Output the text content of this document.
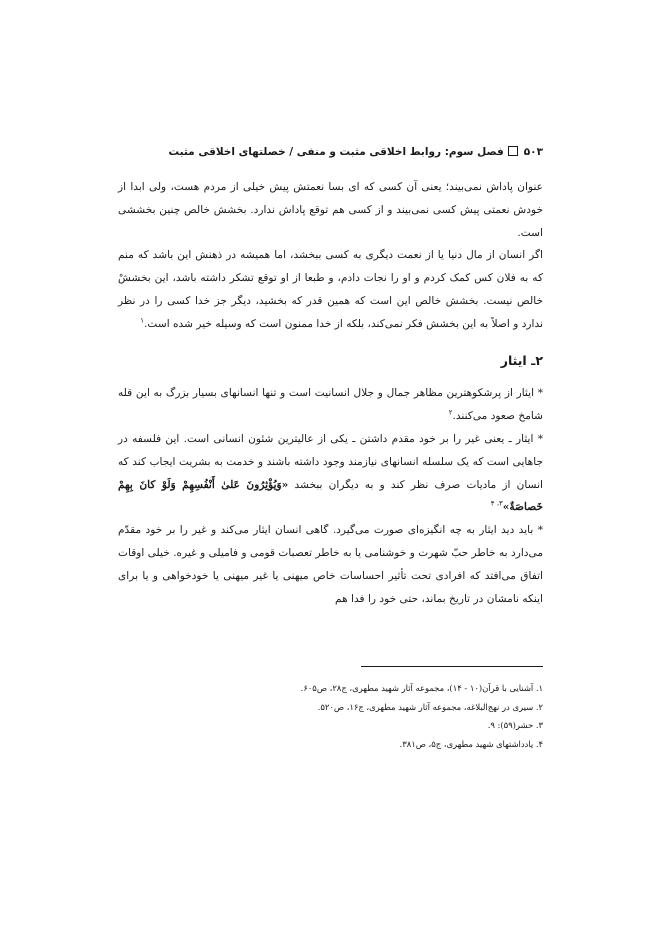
۵۰۳فصل سوم: روابط اخلاقی مثبت و منفی / خصلتهای اخلاقی مثبت

عنوان پاداش نمی‌بیند؛ یعنی آن کسی که ای بسا نعمتش پیش خیلی از مردم هست، ولی ابدا از خودش نعمتی پیش کسی نمی‌بیند و از کسی هم توقع پاداش ندارد. بخشش خالص چنین بخششی است.

اگر انسان از مال دنیا یا از نعمت دیگری به کسی ببخشد، اما همیشه در ذهنش این باشد که منم که به فلان کس کمک کردم و او را نجات دادم، و طبعا از او توقع تشکر داشته باشد، این بخششْ خالص نیست. بخشش خالص این است که همین قدر که بخشید، دیگر جز خدا کسی را در نظر ندارد و اصلاً به این بخشش فکر نمی‌کند، بلکه از خدا ممنون است که وسیله خیر شده است.$^۱$

۲ـ ایثار

* ایثار از پرشکوهترین مظاهر جمال و جلال انسانیت است و تنها انسانهای بسیار بزرگ به این قله شامخ صعود می‌کنند.$^۲$

* ایثار ـ یعنی غیر را بر خود مقدم داشتن ـ یکی از عالیترین شئون انسانی است. این فلسفه در جاهایی است که یک سلسله انسانهای نیازمند وجود داشته باشند و خدمت به بشریت ایجاب کند که انسان از مادیات صرف نظر کند و به دیگران ببخشد «وَيُؤْثِرُونَ عَلىٰ أَنْفُسِهِمْ وَلَوْ كانَ بِهِمْ خَصاصَةٌ»$^{۳، ۴}$

* باید دید ایثار به چه انگیزه‌ای صورت می‌گیرد. گاهی انسان ایثار می‌کند و غیر را بر خود مقدّم می‌دارد به خاطر حبّ شهرت و خوشنامی یا به خاطر تعصبات قومی و فامیلی و غیره. خیلی اوقات اتفاق می‌افتد که افرادی تحت تأثیر احساسات خاص میهنی یا غیر میهنی یا خودخواهی و یا برای اینکه نامشان در تاریخ بماند، حتی خود را فدا هم

۱. آشنایی با قرآن(۱۰ - ۱۴)، مجموعه آثار شهید مطهری، ج۲۸، ص۶۰۵.
۲. سیری در نهج‌البلاغه، مجموعه آثار شهید مطهری، ج۱۶، ص۵۲۰.
۳. حشر(۵۹): ۹.
۴. یادداشتهای شهید مطهری، ج۵، ص۳۸۱.
